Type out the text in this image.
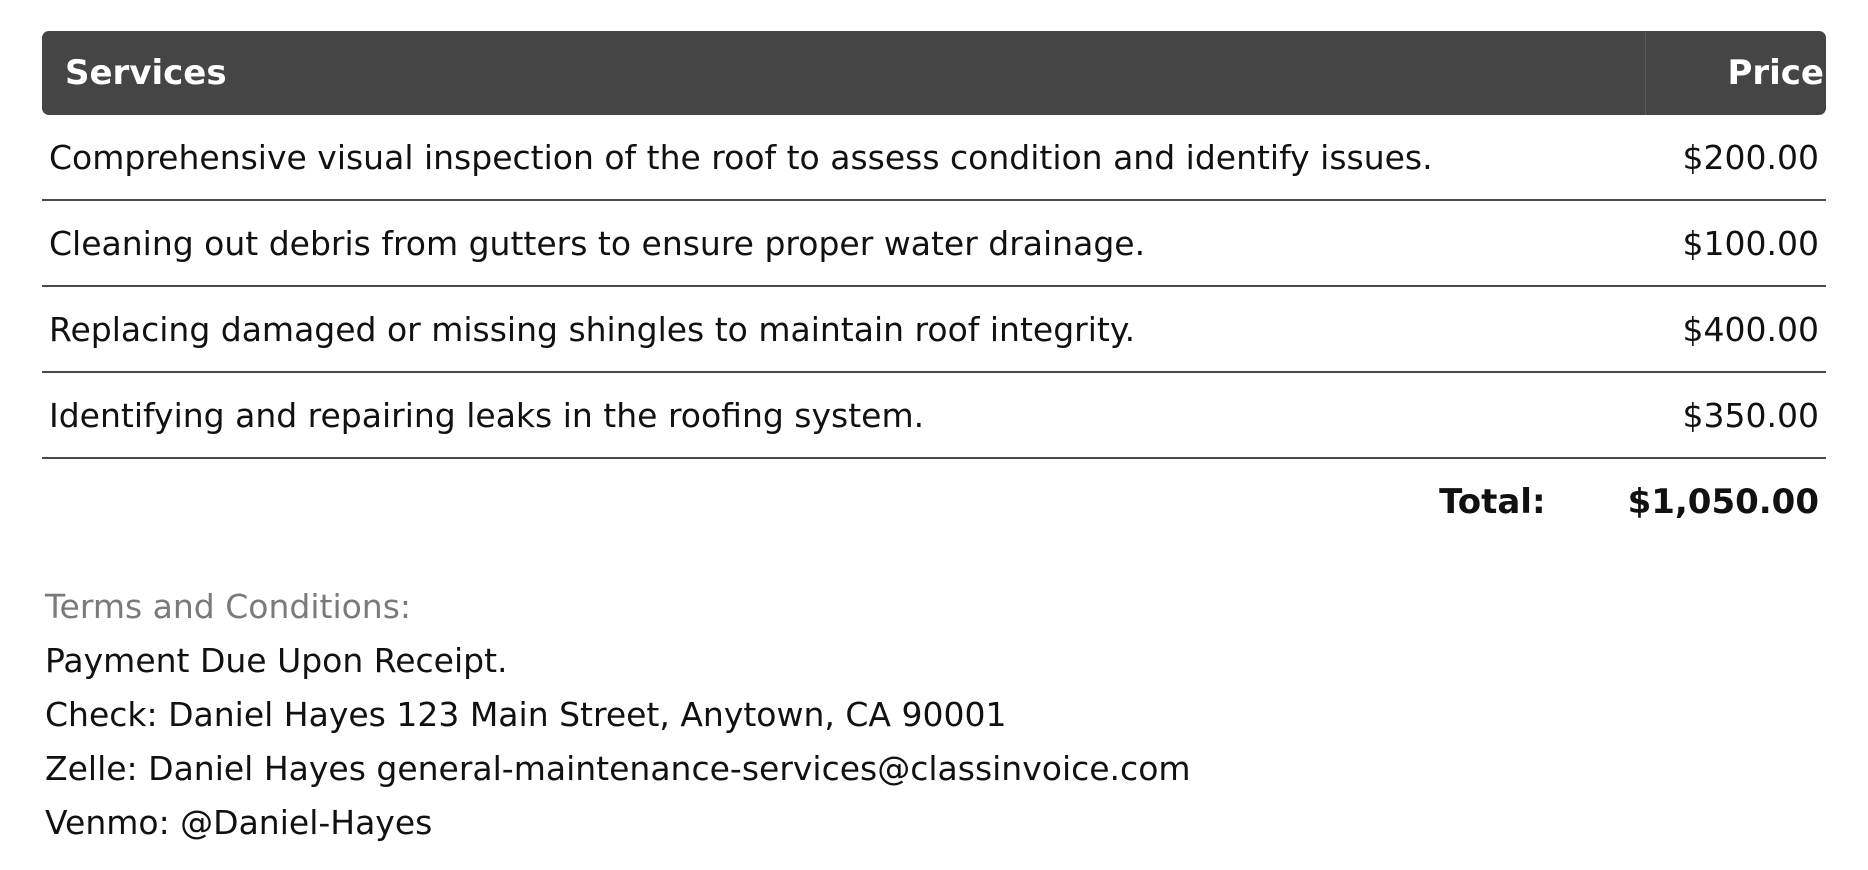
Services	Price
Comprehensive visual inspection of the roof to assess condition and identify issues.	$200.00
Cleaning out debris from gutters to ensure proper water drainage.	$100.00
Replacing damaged or missing shingles to maintain roof integrity.	$400.00
Identifying and repairing leaks in the roofing system.	$350.00
Total: $1,050.00
Terms and Conditions:
Payment Due Upon Receipt.
Check: Daniel Hayes 123 Main Street, Anytown, CA 90001
Zelle: Daniel Hayes general-maintenance-services@classinvoice.com
Venmo: @Daniel-Hayes
